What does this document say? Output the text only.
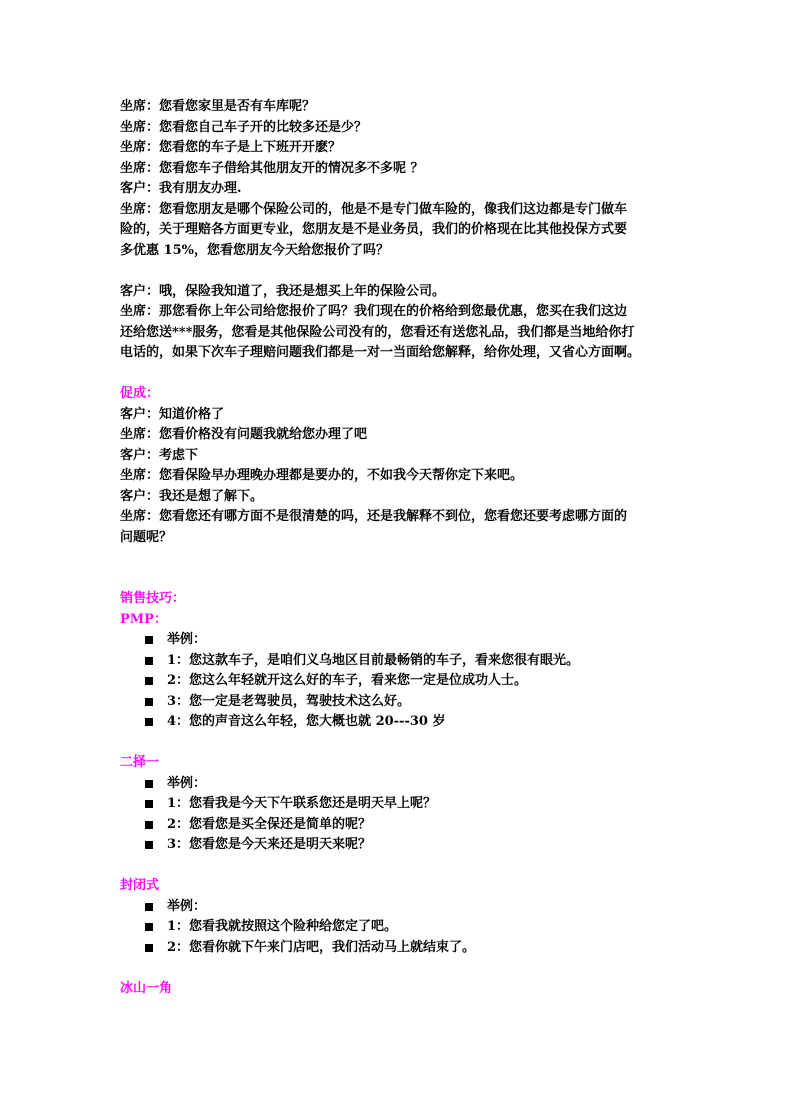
坐席：您看您家里是否有车库呢？
坐席：您看您自己车子开的比较多还是少？
坐席：您看您的车子是上下班开开麽？
坐席：您看您车子借给其他朋友开的情况多不多呢 ？
客户：我有朋友办理.
坐席：您看您朋友是哪个保险公司的，他是不是专门做车险的，像我们这边都是专门做车
险的，关于理赔各方面更专业，您朋友是不是业务员，我们的价格现在比其他投保方式要
多优惠 15%，您看您朋友今天给您报价了吗？
客户：哦，保险我知道了，我还是想买上年的保险公司。
坐席：那您看你上年公司给您报价了吗？我们现在的价格给到您最优惠，您买在我们这边
还给您送***服务，您看是其他保险公司没有的，您看还有送您礼品，我们都是当地给你打
电话的，如果下次车子理赔问题我们都是一对一当面给您解释，给你处理，又省心方面啊。
促成：
客户：知道价格了
坐席：您看价格没有问题我就给您办理了吧
客户：考虑下
坐席：您看保险早办理晚办理都是要办的，不如我今天帮你定下来吧。
客户：我还是想了解下。
坐席：您看您还有哪方面不是很清楚的吗，还是我解释不到位，您看您还要考虑哪方面的
问题呢？
销售技巧：
PMP：
举例：
1：您这款车子，是咱们义乌地区目前最畅销的车子，看来您很有眼光。
2：您这么年轻就开这么好的车子，看来您一定是位成功人士。
3：您一定是老驾驶员，驾驶技术这么好。
4：您的声音这么年轻，您大概也就 20---30 岁
二择一
举例：
1：您看我是今天下午联系您还是明天早上呢？
2：您看您是买全保还是简单的呢？
3：您看您是今天来还是明天来呢？
封闭式
举例：
1：您看我就按照这个险种给您定了吧。
2：您看你就下午来门店吧，我们活动马上就结束了。
冰山一角
